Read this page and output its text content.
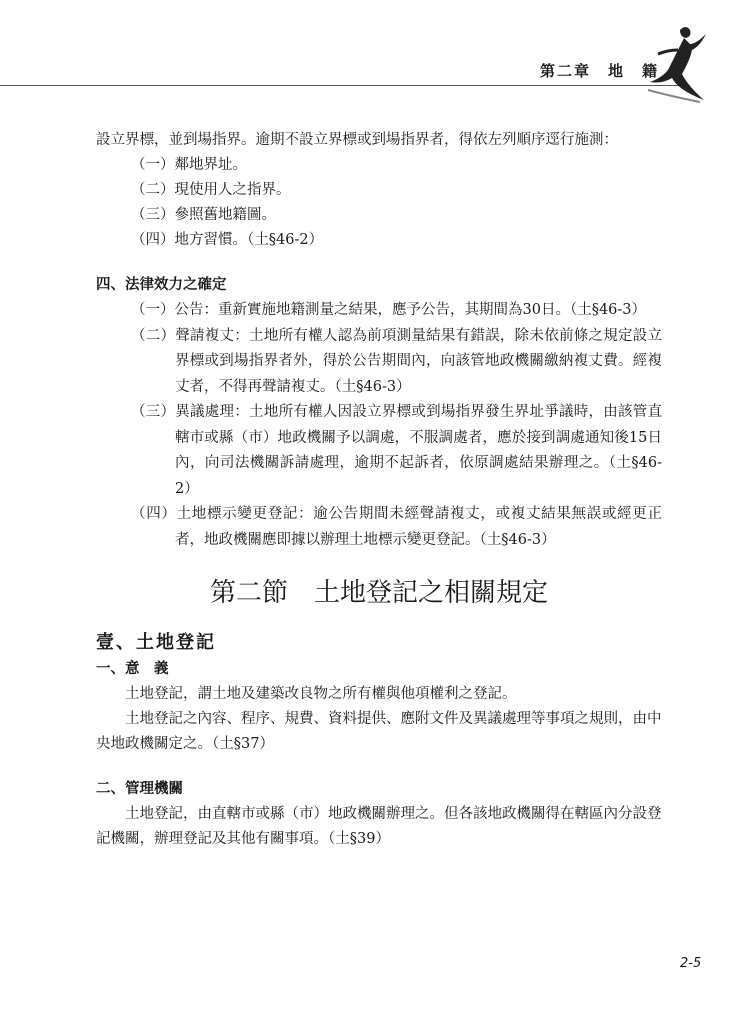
第二章　地　籍

設立界標，並到場指界。逾期不設立界標或到場指界者，得依左列順序逕行施測：

（一）鄰地界址。
（二）現使用人之指界。
（三）參照舊地籍圖。
（四）地方習慣。（土§46-2）
四、法律效力之確定
（一）公告：重新實施地籍測量之結果，應予公告，其期間為30日。（土§46-3）
（二）聲請複丈：土地所有權人認為前項測量結果有錯誤，除未依前條之規定設立界標或到場指界者外，得於公告期間內，向該管地政機關繳納複丈費。經複丈者，不得再聲請複丈。（土§46-3）
（三）異議處理：土地所有權人因設立界標或到場指界發生界址爭議時，由該管直轄市或縣（市）地政機關予以調處，不服調處者，應於接到調處通知後15日內，向司法機關訴請處理，逾期不起訴者，依原調處結果辦理之。（土§46-2）
（四）土地標示變更登記：逾公告期間未經聲請複丈，或複丈結果無誤或經更正者，地政機關應即據以辦理土地標示變更登記。（土§46-3）
第二節　土地登記之相關規定
壹、土地登記
一、意　義

土地登記，謂土地及建築改良物之所有權與他項權利之登記。

土地登記之內容、程序、規費、資料提供、應附文件及異議處理等事項之規則，由中央地政機關定之。（土§37）

二、管理機關

土地登記，由直轄市或縣（市）地政機關辦理之。但各該地政機關得在轄區內分設登記機關，辦理登記及其他有關事項。（土§39）

2-5
